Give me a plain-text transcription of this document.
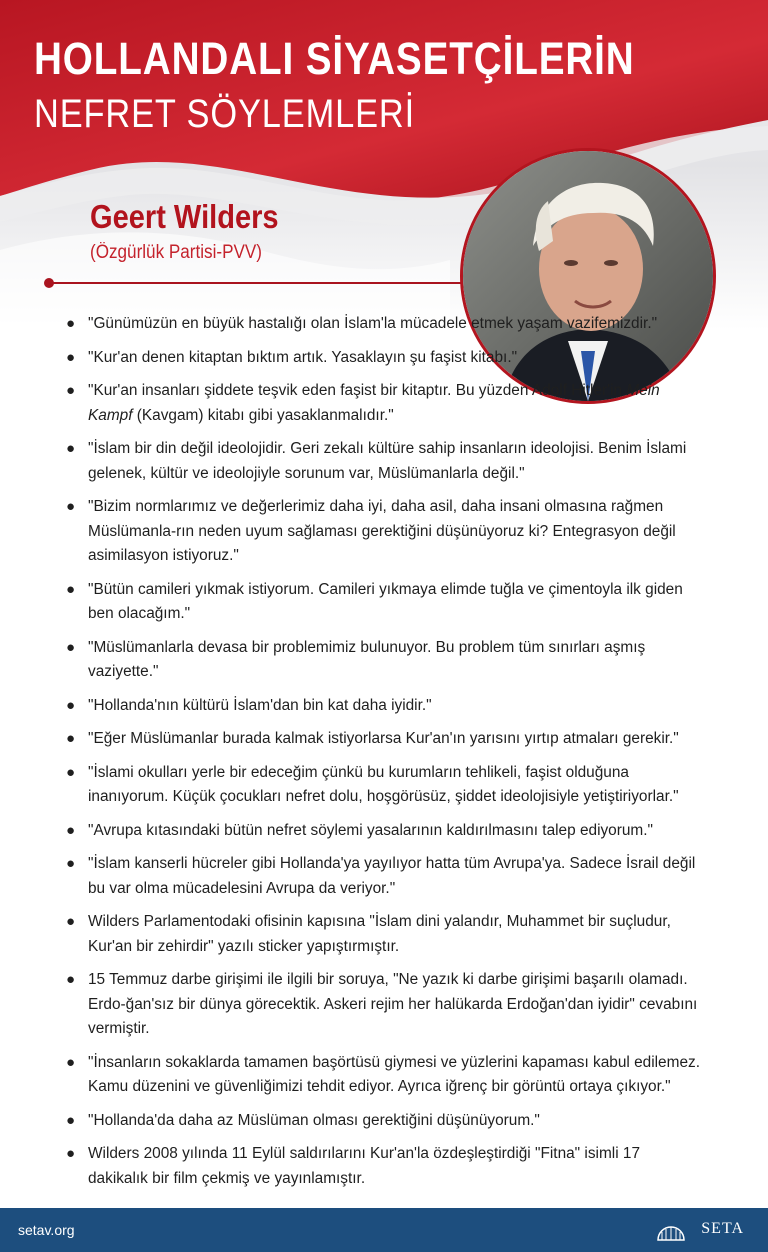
HOLLANDALI SİYASETÇİLERİN
NEFRET SÖYLEMLERİ
Geert Wilders
(Özgürlük Partisi-PVV)
● "Günümüzün en büyük hastalığı olan İslam'la mücadele etmek yaşam vazifemizdir."
● "Kur'an denen kitaptan bıktım artık. Yasaklayın şu faşist kitabı."
● "Kur'an insanları şiddete teşvik eden faşist bir kitaptır. Bu yüzden Adolf Hitler'in Mein Kampf (Kavgam) kitabı gibi yasaklanmalıdır."
● "İslam bir din değil ideolojidir. Geri zekalı kültüre sahip insanların ideolojisi. Benim İslami gelenek, kültür ve ideolojiyle sorunum var, Müslümanlarla değil."
● "Bizim normlarımız ve değerlerimiz daha iyi, daha asil, daha insani olmasına rağmen Müslümanla-rın neden uyum sağlaması gerektiğini düşünüyoruz ki? Entegrasyon değil asimilasyon istiyoruz."
● "Bütün camileri yıkmak istiyorum. Camileri yıkmaya elimde tuğla ve çimentoyla ilk giden ben olacağım."
● "Müslümanlarla devasa bir problemimiz bulunuyor. Bu problem tüm sınırları aşmış vaziyette."
● "Hollanda'nın kültürü İslam'dan bin kat daha iyidir."
● "Eğer Müslümanlar burada kalmak istiyorlarsa Kur'an'ın yarısını yırtıp atmaları gerekir."
● "İslami okulları yerle bir edeceğim çünkü bu kurumların tehlikeli, faşist olduğuna inanıyorum. Küçük çocukları nefret dolu, hoşgörüsüz, şiddet ideolojisiyle yetiştiriyorlar."
● "Avrupa kıtasındaki bütün nefret söylemi yasalarının kaldırılmasını talep ediyorum."
● "İslam kanserli hücreler gibi Hollanda'ya yayılıyor hatta tüm Avrupa'ya. Sadece İsrail değil bu var olma mücadelesini Avrupa da veriyor."
● Wilders Parlamentodaki ofisinin kapısına "İslam dini yalandır, Muhammet bir suçludur, Kur'an bir zehirdir" yazılı sticker yapıştırmıştır.
● 15 Temmuz darbe girişimi ile ilgili bir soruya, "Ne yazık ki darbe girişimi başarılı olamadı. Erdo-ğan'sız bir dünya görecektik. Askeri rejim her halükarda Erdoğan'dan iyidir" cevabını vermiştir.
● "İnsanların sokaklarda tamamen başörtüsü giymesi ve yüzlerini kapaması kabul edilemez. Kamu düzenini ve güvenliğimizi tehdit ediyor. Ayrıca iğrenç bir görüntü ortaya çıkıyor."
● "Hollanda'da daha az Müslüman olması gerektiğini düşünüyorum."
● Wilders 2008 yılında 11 Eylül saldırılarını Kur'an'la özdeşleştirdiği "Fitna" isimli 17 dakikalık bir film çekmiş ve yayınlamıştır.
setav.org	SETA
